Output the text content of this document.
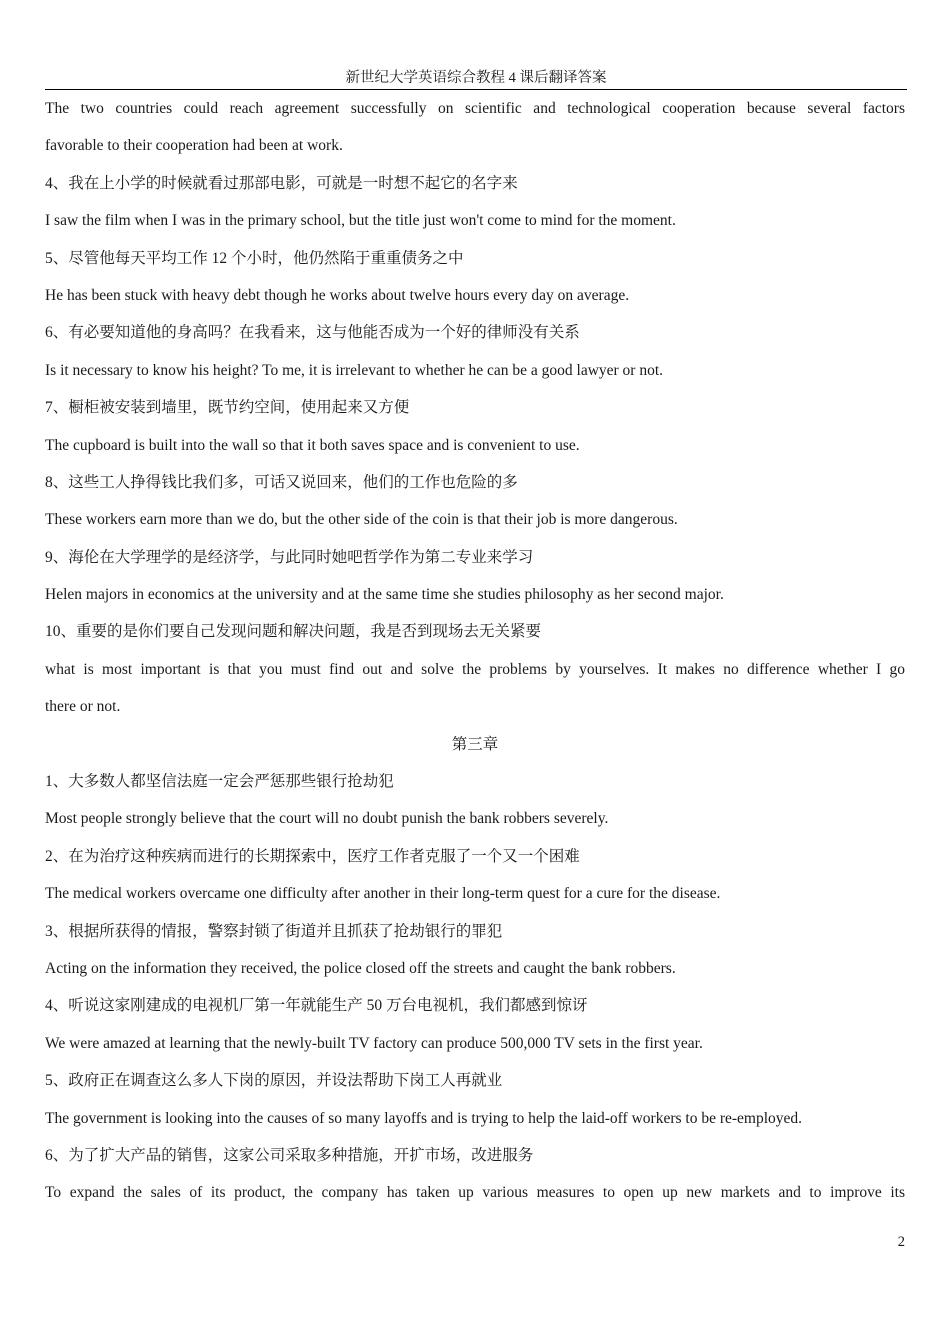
新世纪大学英语综合教程 4 课后翻译答案
The two countries could reach agreement successfully on scientific and technological cooperation because several factors
favorable to their cooperation had been at work.
4、我在上小学的时候就看过那部电影，可就是一时想不起它的名字来
I saw the film when I was in the primary school, but the title just won't come to mind for the moment.
5、尽管他每天平均工作 12 个小时，他仍然陷于重重债务之中
He has been stuck with heavy debt though he works about twelve hours every day on average.
6、有必要知道他的身高吗？在我看来，这与他能否成为一个好的律师没有关系
Is it necessary to know his height? To me, it is irrelevant to whether he can be a good lawyer or not.
7、橱柜被安装到墙里，既节约空间，使用起来又方便
The cupboard is built into the wall so that it both saves space and is convenient to use.
8、这些工人挣得钱比我们多，可话又说回来，他们的工作也危险的多
These workers earn more than we do, but the other side of the coin is that their job is more dangerous.
9、海伦在大学理学的是经济学，与此同时她吧哲学作为第二专业来学习
Helen majors in economics at the university and at the same time she studies philosophy as her second major.
10、重要的是你们要自己发现问题和解决问题，我是否到现场去无关紧要
what is most important is that you must find out and solve the problems by yourselves. It makes no difference whether I go
there or not.
第三章
1、大多数人都坚信法庭一定会严惩那些银行抢劫犯
Most people strongly believe that the court will no doubt punish the bank robbers severely.
2、在为治疗这种疾病而进行的长期探索中，医疗工作者克服了一个又一个困难
The medical workers overcame one difficulty after another in their long-term quest for a cure for the disease.
3、根据所获得的情报，警察封锁了街道并且抓获了抢劫银行的罪犯
Acting on the information they received, the police closed off the streets and caught the bank robbers.
4、听说这家刚建成的电视机厂第一年就能生产 50 万台电视机，我们都感到惊讶
We were amazed at learning that the newly-built TV factory can produce 500,000 TV sets in the first year.
5、政府正在调查这么多人下岗的原因，并设法帮助下岗工人再就业
The government is looking into the causes of so many layoffs and is trying to help the laid-off workers to be re-employed.
6、为了扩大产品的销售，这家公司采取多种措施，开扩市场，改进服务
To expand the sales of its product, the company has taken up various measures to open up new markets and to improve its
2
